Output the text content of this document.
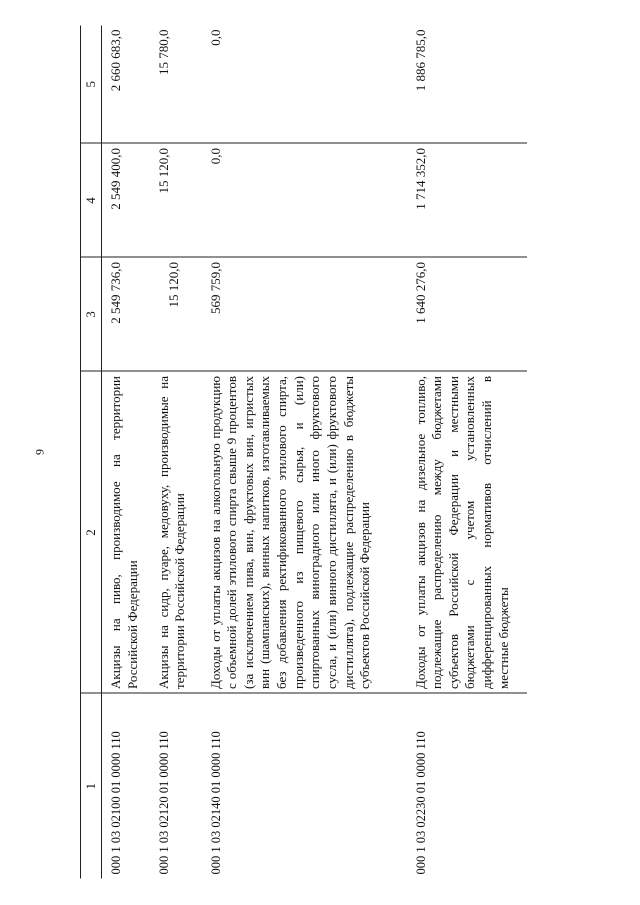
9
1	2	3	4	5
000 1 03 02100 01 0000 110	Акцизы на пиво, производимое на территории Российской Федерации	2 549 736,0	2 549 400,0	2 660 683,0
000 1 03 02120 01 0000 110	Акцизы на сидр, пуаре, медовуху, производимые на территории Российской Федерации	15 120,0	15 120,0	15 780,0
000 1 03 02140 01 0000 110	Доходы от уплаты акцизов на алкогольную продукцию с объемной долей этилового спирта свыше 9 процентов (за исключением пива, вин, фруктовых вин, игристых вин (шампанских), винных напитков, изготавливаемых без добавления ректификованного этилового спирта, произведенного из пищевого сырья, и (или) спиртованных виноградного или иного фруктового сусла, и (или) винного дистиллята, и (или) фруктового дистиллята), подлежащие распределению в бюджеты субъектов Российской Федерации	569 759,0	0,0	0,0
000 1 03 02230 01 0000 110	Доходы от уплаты акцизов на дизельное топливо, подлежащие распределению между бюджетами субъектов Российской Федерации и местными бюджетами с учетом установленных дифференцированных нормативов отчислений в местные бюджеты	1 640 276,0	1 714 352,0	1 886 785,0
